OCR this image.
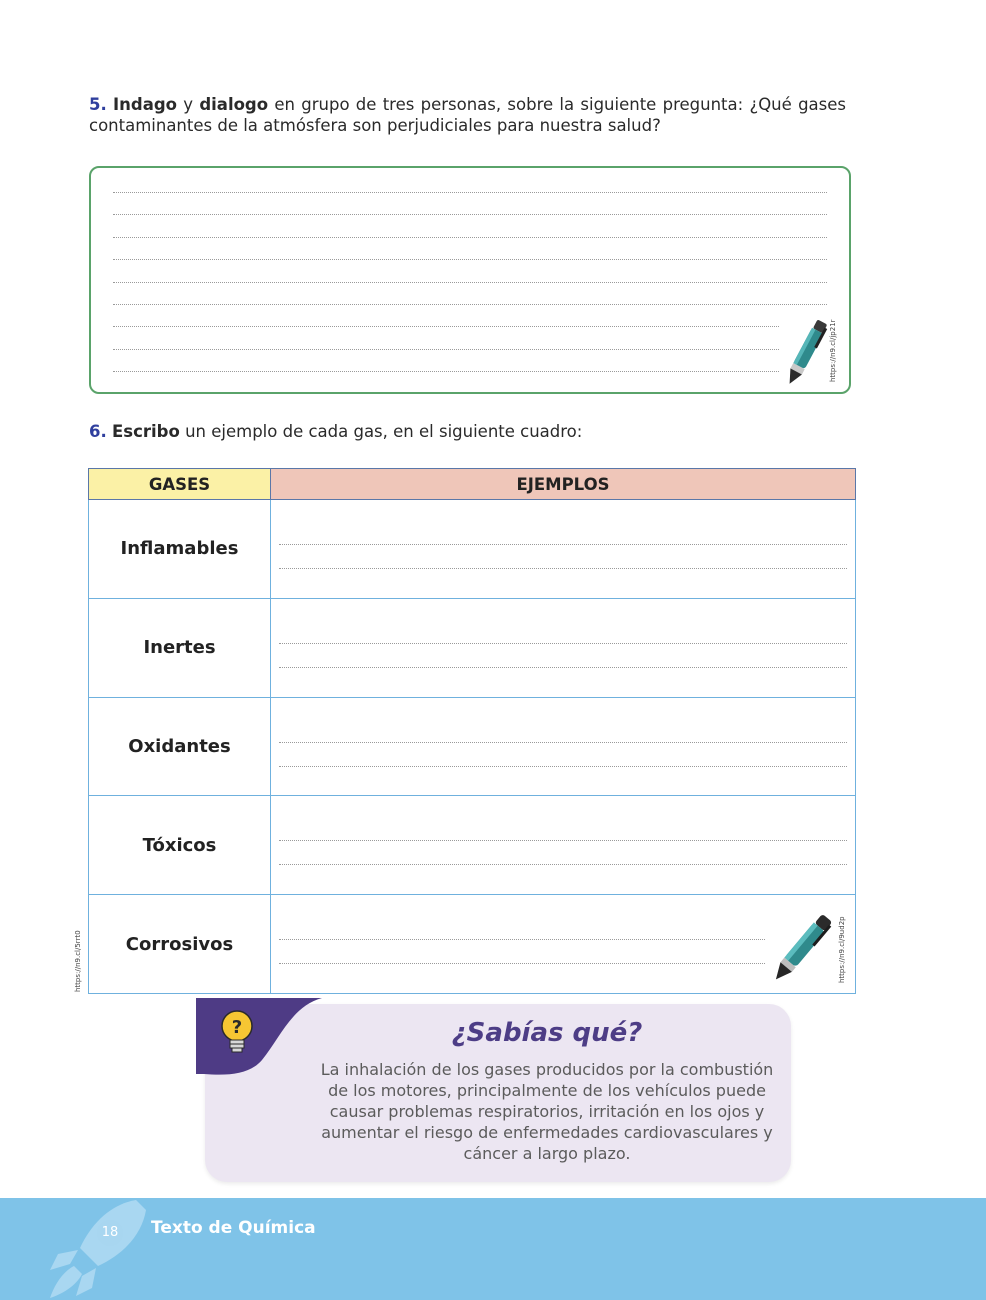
5. Indago y dialogo en grupo de tres personas, sobre la siguiente pregunta: ¿Qué gases contaminantes de la atmósfera son perjudiciales para nuestra salud?
https://n9.cl/jp21r
6. Escribo un ejemplo de cada gas, en el siguiente cuadro:
GASES	EJEMPLOS
Inflamables	

Inertes	

Oxidantes	

Tóxicos	

Corrosivos	https://n9.cl/9ud2p
https://n9.cl/5rrt0
?	¿Sabías qué?
La inhalación de los gases producidos por la combustión de los motores, principalmente de los vehículos puede causar problemas respiratorios, irritación en los ojos y aumentar el riesgo de enfermedades cardiovasculares y cáncer a largo plazo.
18 Texto de Química
